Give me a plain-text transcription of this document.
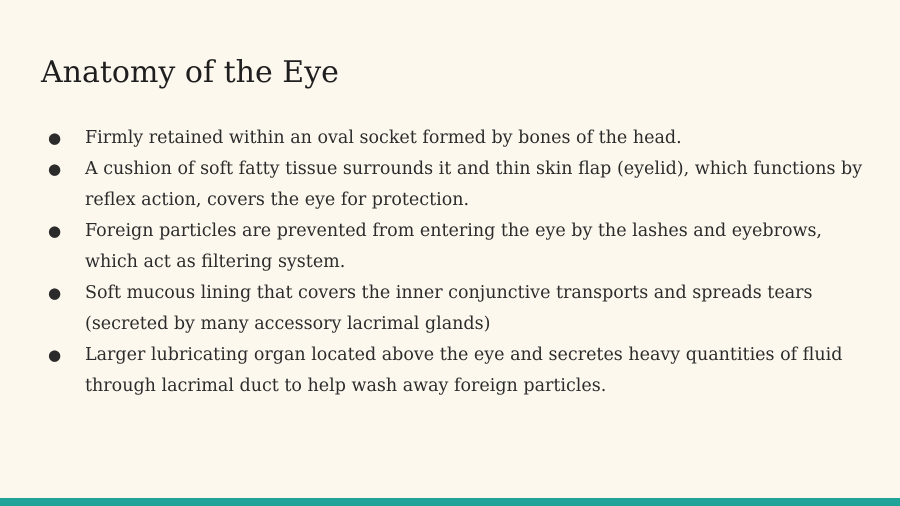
Anatomy of the Eye
● Firmly retained within an oval socket formed by bones of the head.
● A cushion of soft fatty tissue surrounds it and thin skin flap (eyelid), which functions by reflex action, covers the eye for protection.
● Foreign particles are prevented from entering the eye by the lashes and eyebrows, which act as filtering system.
● Soft mucous lining that covers the inner conjunctive transports and spreads tears (secreted by many accessory lacrimal glands)
● Larger lubricating organ located above the eye and secretes heavy quantities of fluid through lacrimal duct to help wash away foreign particles.
